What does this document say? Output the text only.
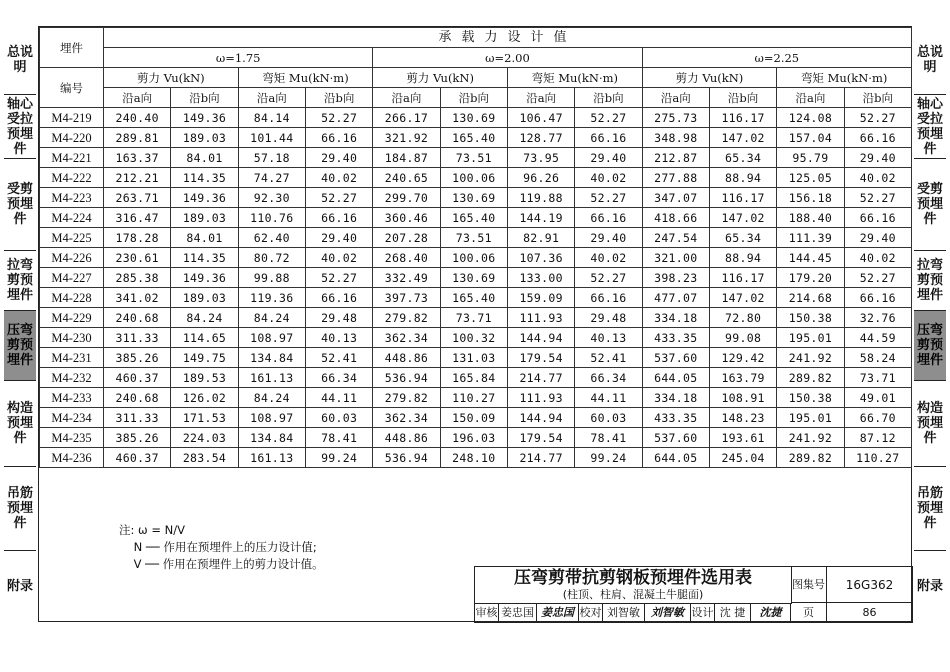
总说明
轴心受拉预埋件
受剪预埋件
拉弯剪预埋件
压弯剪预埋件
构造预埋件
吊筋预埋件
附录
总说明
轴心受拉预埋件
受剪预埋件
拉弯剪预埋件
压弯剪预埋件
构造预埋件
吊筋预埋件
附录
埋件	承载力设计值											
	ω=1.75				ω=2.00				ω=2.25			
编号	剪力 Vu(kN)		弯矩 Mu(kN·m)		剪力 Vu(kN)		弯矩 Mu(kN·m)		剪力 Vu(kN)		弯矩 Mu(kN·m)	
	沿a向	沿b向	沿a向	沿b向	沿a向	沿b向	沿a向	沿b向	沿a向	沿b向	沿a向	沿b向
M4-219	240.40	149.36	84.14	52.27	266.17	130.69	106.47	52.27	275.73	116.17	124.08	52.27
M4-220	289.81	189.03	101.44	66.16	321.92	165.40	128.77	66.16	348.98	147.02	157.04	66.16
M4-221	163.37	84.01	57.18	29.40	184.87	73.51	73.95	29.40	212.87	65.34	95.79	29.40
M4-222	212.21	114.35	74.27	40.02	240.65	100.06	96.26	40.02	277.88	88.94	125.05	40.02
M4-223	263.71	149.36	92.30	52.27	299.70	130.69	119.88	52.27	347.07	116.17	156.18	52.27
M4-224	316.47	189.03	110.76	66.16	360.46	165.40	144.19	66.16	418.66	147.02	188.40	66.16
M4-225	178.28	84.01	62.40	29.40	207.28	73.51	82.91	29.40	247.54	65.34	111.39	29.40
M4-226	230.61	114.35	80.72	40.02	268.40	100.06	107.36	40.02	321.00	88.94	144.45	40.02
M4-227	285.38	149.36	99.88	52.27	332.49	130.69	133.00	52.27	398.23	116.17	179.20	52.27
M4-228	341.02	189.03	119.36	66.16	397.73	165.40	159.09	66.16	477.07	147.02	214.68	66.16
M4-229	240.68	84.24	84.24	29.48	279.82	73.71	111.93	29.48	334.18	72.80	150.38	32.76
M4-230	311.33	114.65	108.97	40.13	362.34	100.32	144.94	40.13	433.35	99.08	195.01	44.59
M4-231	385.26	149.75	134.84	52.41	448.86	131.03	179.54	52.41	537.60	129.42	241.92	58.24
M4-232	460.37	189.53	161.13	66.34	536.94	165.84	214.77	66.34	644.05	163.79	289.82	73.71
M4-233	240.68	126.02	84.24	44.11	279.82	110.27	111.93	44.11	334.18	108.91	150.38	49.01
M4-234	311.33	171.53	108.97	60.03	362.34	150.09	144.94	60.03	433.35	148.23	195.01	66.70
M4-235	385.26	224.03	134.84	78.41	448.86	196.03	179.54	78.41	537.60	193.61	241.92	87.12
M4-236	460.37	283.54	161.13	99.24	536.94	248.10	214.77	99.24	644.05	245.04	289.82	110.27
注: ω = N/V
N ── 作用在预埋件上的压力设计值;
V ── 作用在预埋件上的剪力设计值。
压弯剪带抗剪钢板预埋件选用表
(柱顶、柱肩、混凝土牛腿面)
图集号	16G362
审核 姜忠国 姜忠国 校对 刘智敏	刘智敏 设计 沈 捷	沈捷	页	86
